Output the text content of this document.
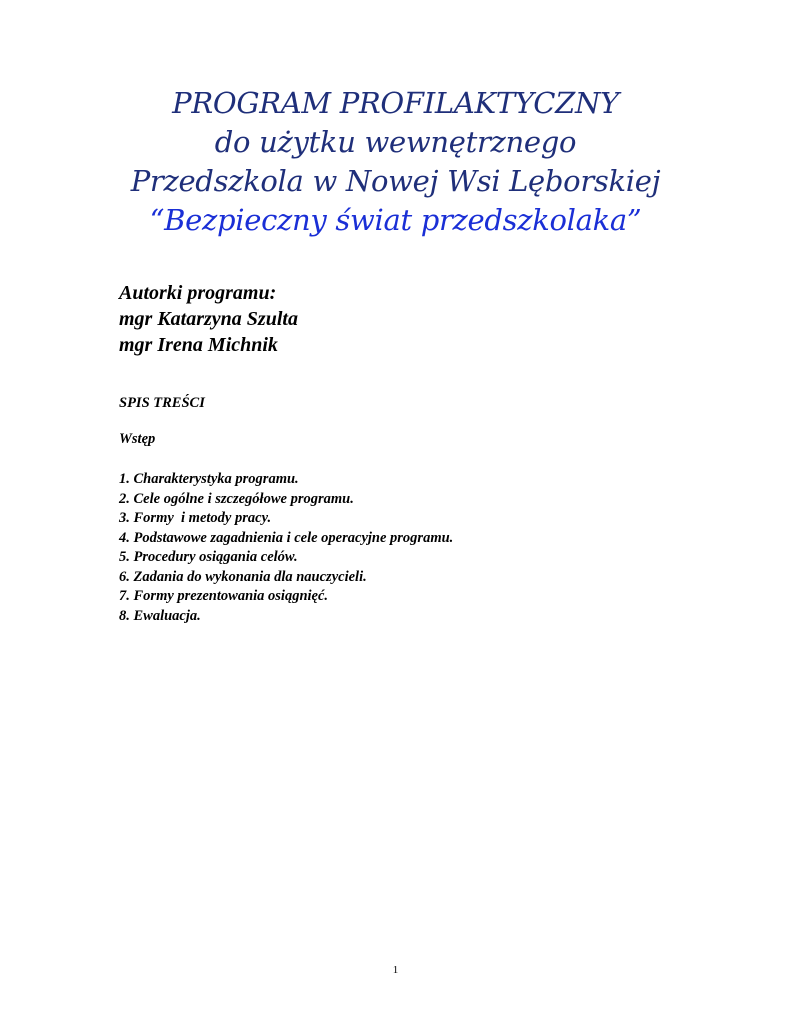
PROGRAM PROFILAKTYCZNY
do użytku wewnętrznego
Przedszkola w Nowej Wsi Lęborskiej
“Bezpieczny świat przedszkolaka”
Autorki programu:
mgr Katarzyna Szulta
mgr Irena Michnik
SPIS TREŚCI
Wstęp
1. Charakterystyka programu.
2. Cele ogólne i szczegółowe programu.
3. Formy  i metody pracy.
4. Podstawowe zagadnienia i cele operacyjne programu.
5. Procedury osiągania celów.
6. Zadania do wykonania dla nauczycieli.
7. Formy prezentowania osiągnięć.
8. Ewaluacja.
1
